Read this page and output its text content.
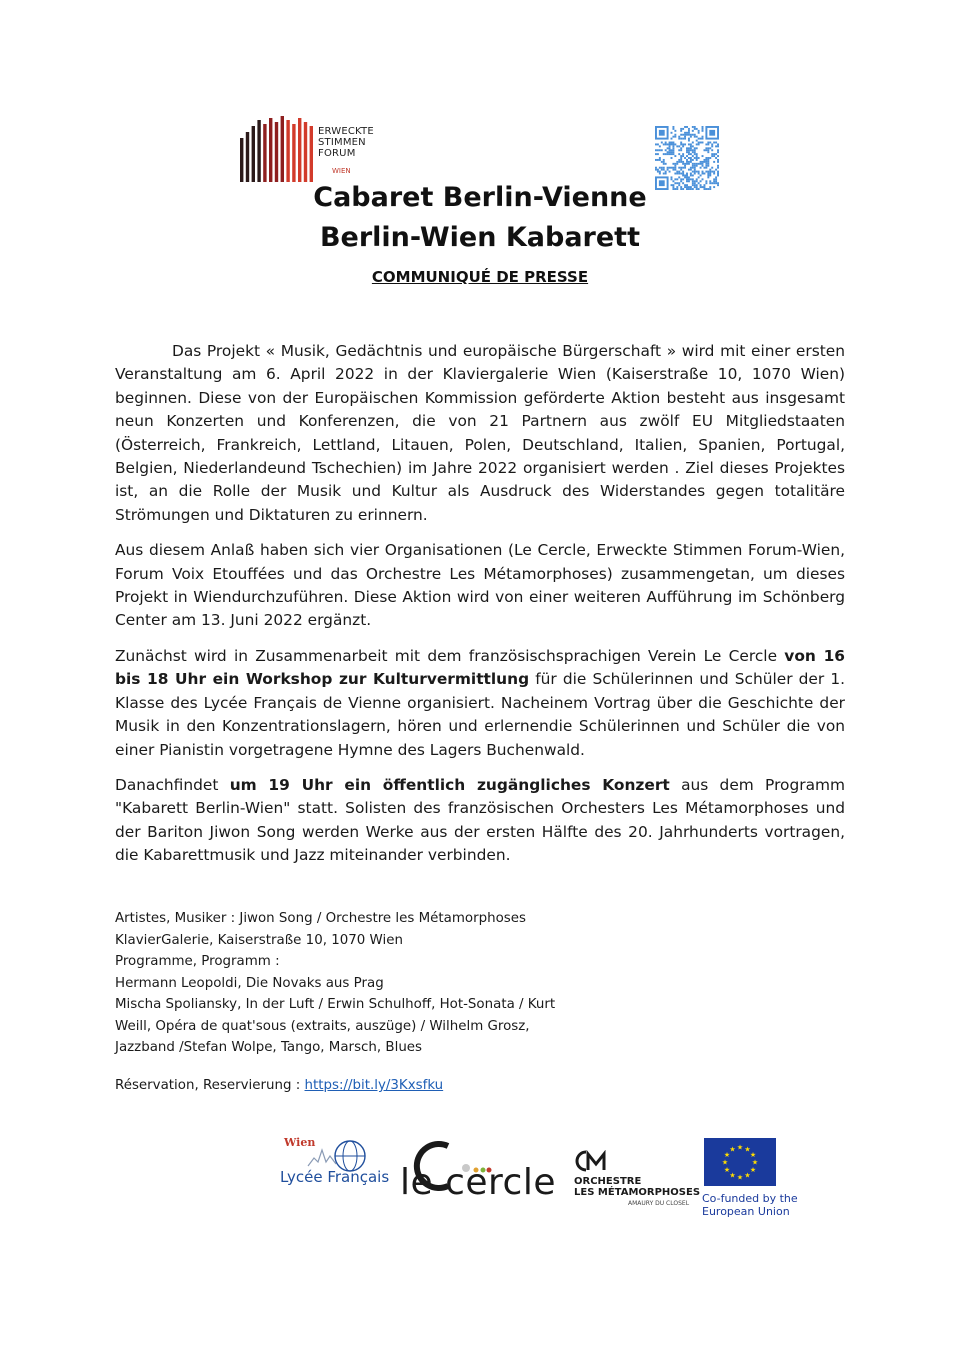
ERWECKTE
STIMMEN
FORUM
WIEN
Cabaret Berlin-Vienne
Berlin-Wien Kabarett
COMMUNIQUÉ DE PRESSE

Das Projekt « Musik, Gedächtnis und europäische Bürgerschaft » wird mit einer ersten Veranstaltung am 6. April 2022 in der Klaviergalerie Wien (Kaiserstraße 10, 1070 Wien) beginnen. Diese von der Europäischen Kommission geförderte Aktion besteht aus insgesamt neun Konzerten und Konferenzen, die von 21 Partnern aus zwölf EU Mitgliedstaaten (Österreich, Frankreich, Lettland, Litauen, Polen, Deutschland, Italien, Spanien, Portugal, Belgien, Niederlandeund Tschechien) im Jahre 2022 organisiert werden . Ziel dieses Projektes ist, an die Rolle der Musik und Kultur als Ausdruck des Widerstandes gegen totalitäre Strömungen und Diktaturen zu erinnern.

Aus diesem Anlaß haben sich vier Organisationen (Le Cercle, Erweckte Stimmen Forum-Wien, Forum Voix Etouffées und das Orchestre Les Métamorphoses) zusammengetan, um dieses Projekt in Wiendurchzuführen. Diese Aktion wird von einer weiteren Aufführung im Schönberg Center am 13. Juni 2022 ergänzt.

Zunächst wird in Zusammenarbeit mit dem französischsprachigen Verein Le Cercle von 16 bis 18 Uhr ein Workshop zur Kulturvermittlung für die Schülerinnen und Schüler der 1. Klasse des Lycée Français de Vienne organisiert. Nacheinem Vortrag über die Geschichte der Musik in den Konzentrationslagern, hören und erlernendie Schülerinnen und Schüler die von einer Pianistin vorgetragene Hymne des Lagers Buchenwald.

Danachfindet um 19 Uhr ein öffentlich zugängliches Konzert aus dem Programm "Kabarett Berlin-Wien" statt. Solisten des französischen Orchesters Les Métamorphoses und der Bariton Jiwon Song werden Werke aus der ersten Hälfte des 20. Jahrhunderts vortragen, die Kabarettmusik und Jazz miteinander verbinden.

Artistes, Musiker : Jiwon Song / Orchestre les Métamorphoses
KlavierGalerie, Kaiserstraße 10, 1070 Wien
Programme, Programm :
Hermann Leopoldi, Die Novaks aus Prag
Mischa Spoliansky, In der Luft / Erwin Schulhoff, Hot-Sonata / Kurt
Weill, Opéra de quat'sous (extraits, auszüge) / Wilhelm Grosz,
Jazzband /Stefan Wolpe, Tango, Marsch, Blues
Réservation, Reservierung : https://bit.ly/3Kxsfku
Wien
Lycée Français le cercle ORCHESTRE
LES MÉTAMORPHOSES
AMAURY DU CLOSEL
★
★
★
★
★
★
★
★
★ ★ ★
★
Co-funded by the
European Union
